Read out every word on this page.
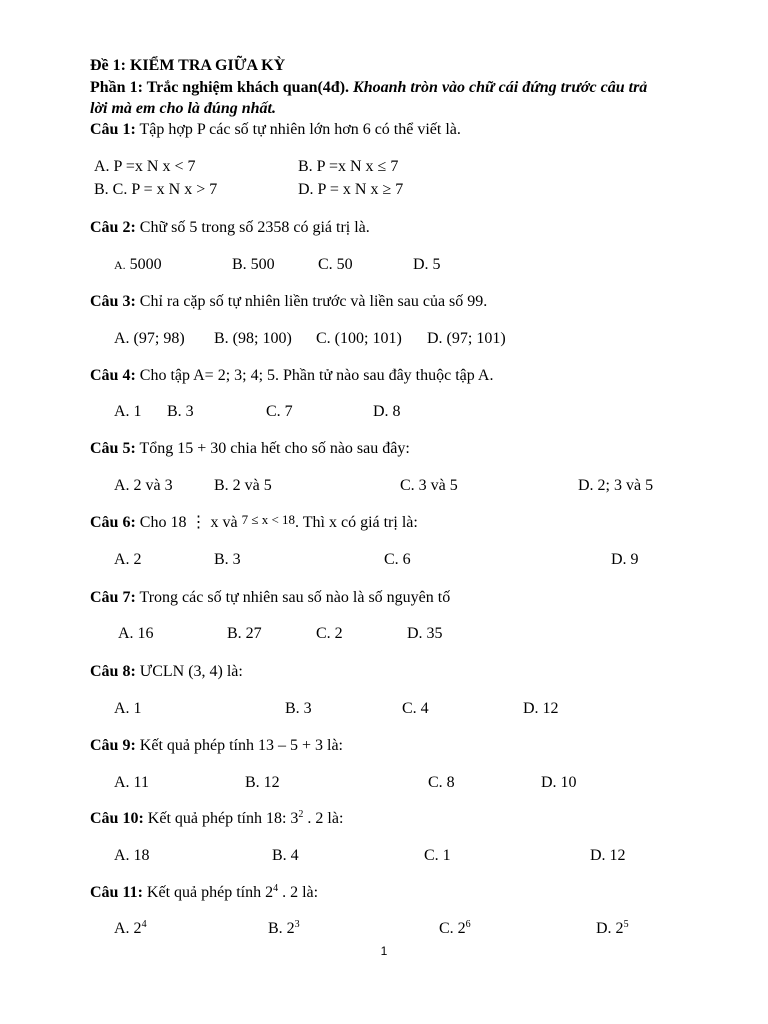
Đề 1: KIỂM TRA GIỮA KỲ
Phần 1: Trắc nghiệm khách quan(4đ). Khoanh tròn vào chữ cái đứng trước câu trả
lời mà em cho là đúng nhất.
Câu 1: Tập hợp P các số tự nhiên lớn hơn 6 có thể viết là.
A. P =x N x < 7	B. P =x N x ≤ 7
B. C. P = x N x > 7	D. P = x N x ≥ 7
Câu 2: Chữ số 5 trong số 2358 có giá trị là.
A. 5000	B. 500	C. 50	D. 5
Câu 3: Chỉ ra cặp số tự nhiên liền trước và liền sau của số 99.
A. (97; 98) B. (98; 100) C. (100; 101) D. (97; 101)
Câu 4: Cho tập A= 2; 3; 4; 5. Phần tử nào sau đây thuộc tập A.
A. 1 B. 3	C. 7	D. 8
Câu 5: Tổng 15 + 30 chia hết cho số nào sau đây:
A. 2 và 3	B. 2 và 5	C. 3 và 5	D. 2; 3 và 5
Câu 6: Cho 18 ⋮ x và 7 ≤ x < 18. Thì x có giá trị là:
A. 2	B. 3	C. 6	D. 9
Câu 7: Trong các số tự nhiên sau số nào là số nguyên tố
A. 16	B. 27	C. 2	D. 35
Câu 8: ƯCLN (3, 4) là:
A. 1	B. 3	C. 4	D. 12
Câu 9: Kết quả phép tính 13 – 5 + 3 là:
A. 11	B. 12	C. 8	D. 10
Câu 10: Kết quả phép tính 18: $3^2$ . 2 là:
A. 18	B. 4	C. 1	D. 12
Câu 11: Kết quả phép tính $2^4$ . 2 là:
A. $2^4$	B. $2^3$	C. $2^6$	D. $2^5$
1
